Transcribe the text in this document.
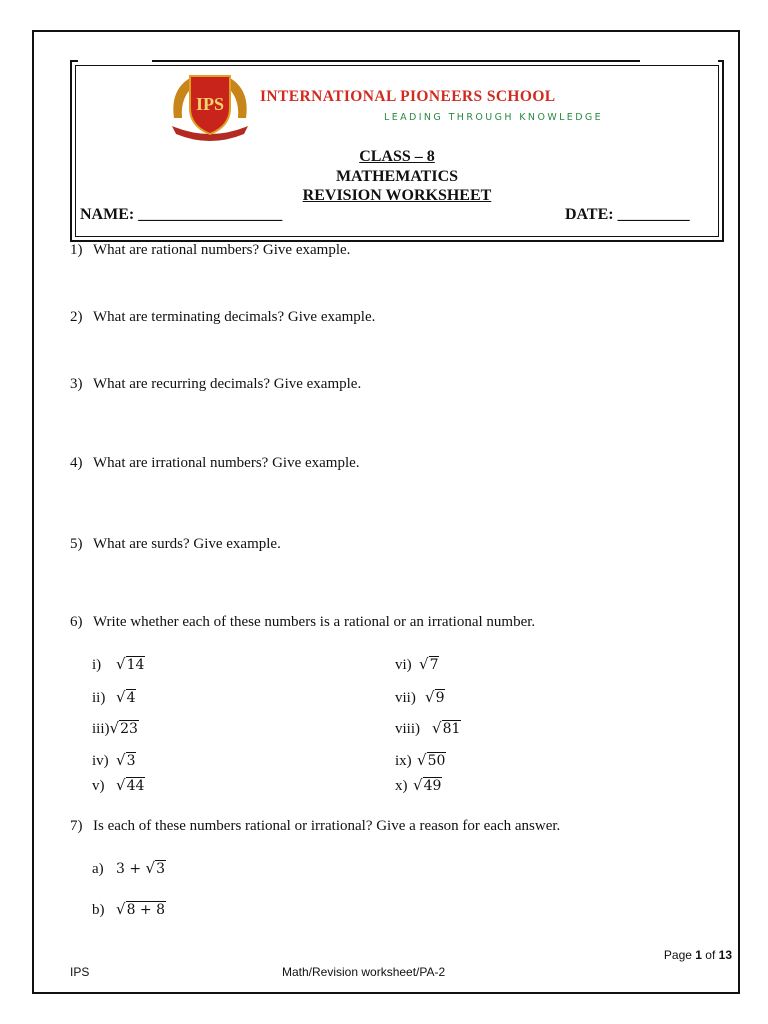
IPS INTERNATIONAL PIONEERS SCHOOL
LEADING THROUGH KNOWLEDGE
CLASS – 8
MATHEMATICS
REVISION WORKSHEET
NAME: __________________	DATE: _________
1) What are rational numbers? Give example.
2) What are terminating decimals? Give example.
3) What are recurring decimals? Give example.
4) What are irrational numbers? Give example.
5) What are surds? Give example.
6) Write whether each of these numbers is a rational or an irrational number.
i) √14
ii) √4
iii)√23
iv) √3
v) √44
vi) √7
vii) √9
viii) √81
ix) √50
x) √49
7) Is each of these numbers rational or irrational? Give a reason for each answer.
a) 3 + √3
b) √8 + 8
Page 1 of 13
IPS	Math/Revision worksheet/PA-2
